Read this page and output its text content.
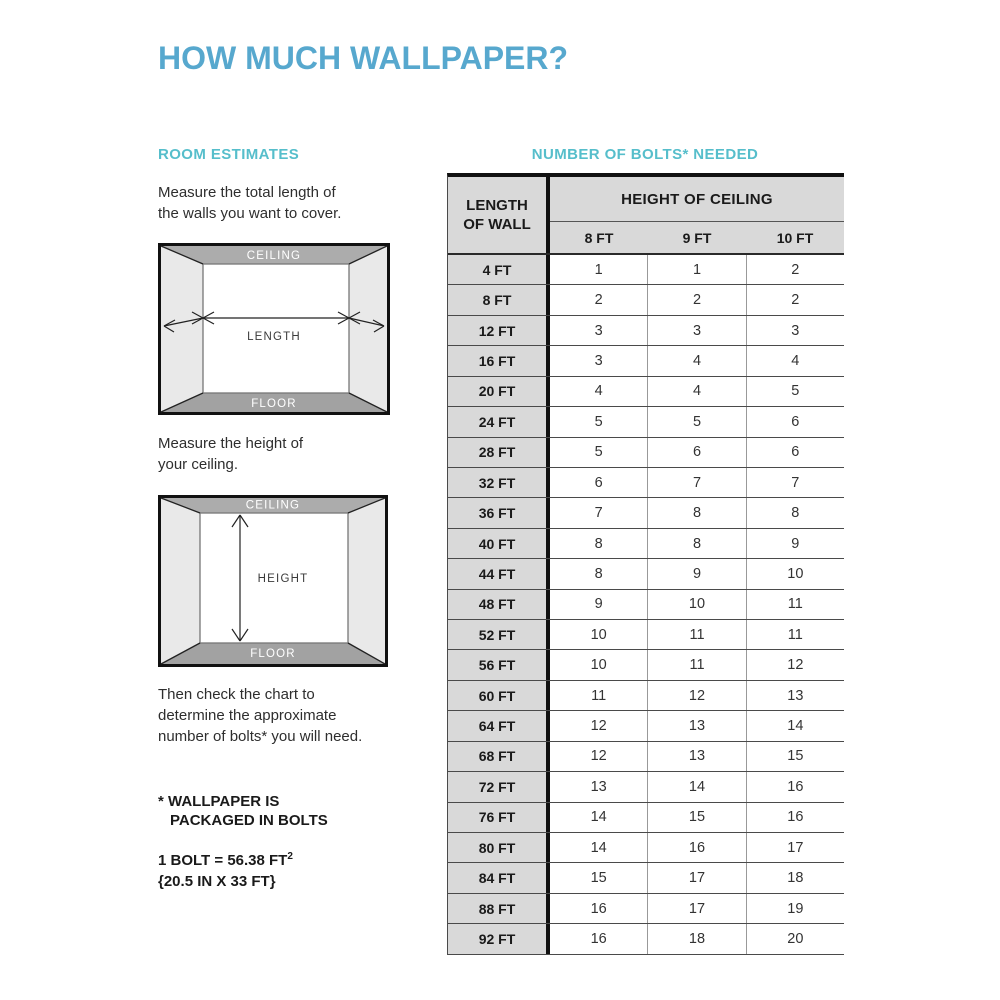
HOW MUCH WALLPAPER?
ROOM ESTIMATES

Measure the total length of
the walls you want to cover.

CEILING
FLOOR
LENGTH

Measure the height of
your ceiling.

CEILING
FLOOR
HEIGHT

Then check the chart to
determine the approximate
number of bolts* you will need.

* WALLPAPER IS
PACKAGED IN BOLTS

1 BOLT = 56.38 $FT^2$
{20.5 IN X 33 FT}

NUMBER OF BOLTS* NEEDED
LENGTH
OF WALL
HEIGHT OF CEILING
8 FT	9 FT	10 FT
4 FT	1	1	2
8 FT	2	2	2
12 FT	3	3	3
16 FT	3	4	4
20 FT	4	4	5
24 FT	5	5	6
28 FT	5	6	6
32 FT	6	7	7
36 FT	7	8	8
40 FT	8	8	9
44 FT	8	9	10
48 FT	9	10	11
52 FT	10	11	11
56 FT	10	11	12
60 FT	11	12	13
64 FT	12	13	14
68 FT	12	13	15
72 FT	13	14	16
76 FT	14	15	16
80 FT	14	16	17
84 FT	15	17	18
88 FT	16	17	19
92 FT	16	18	20
